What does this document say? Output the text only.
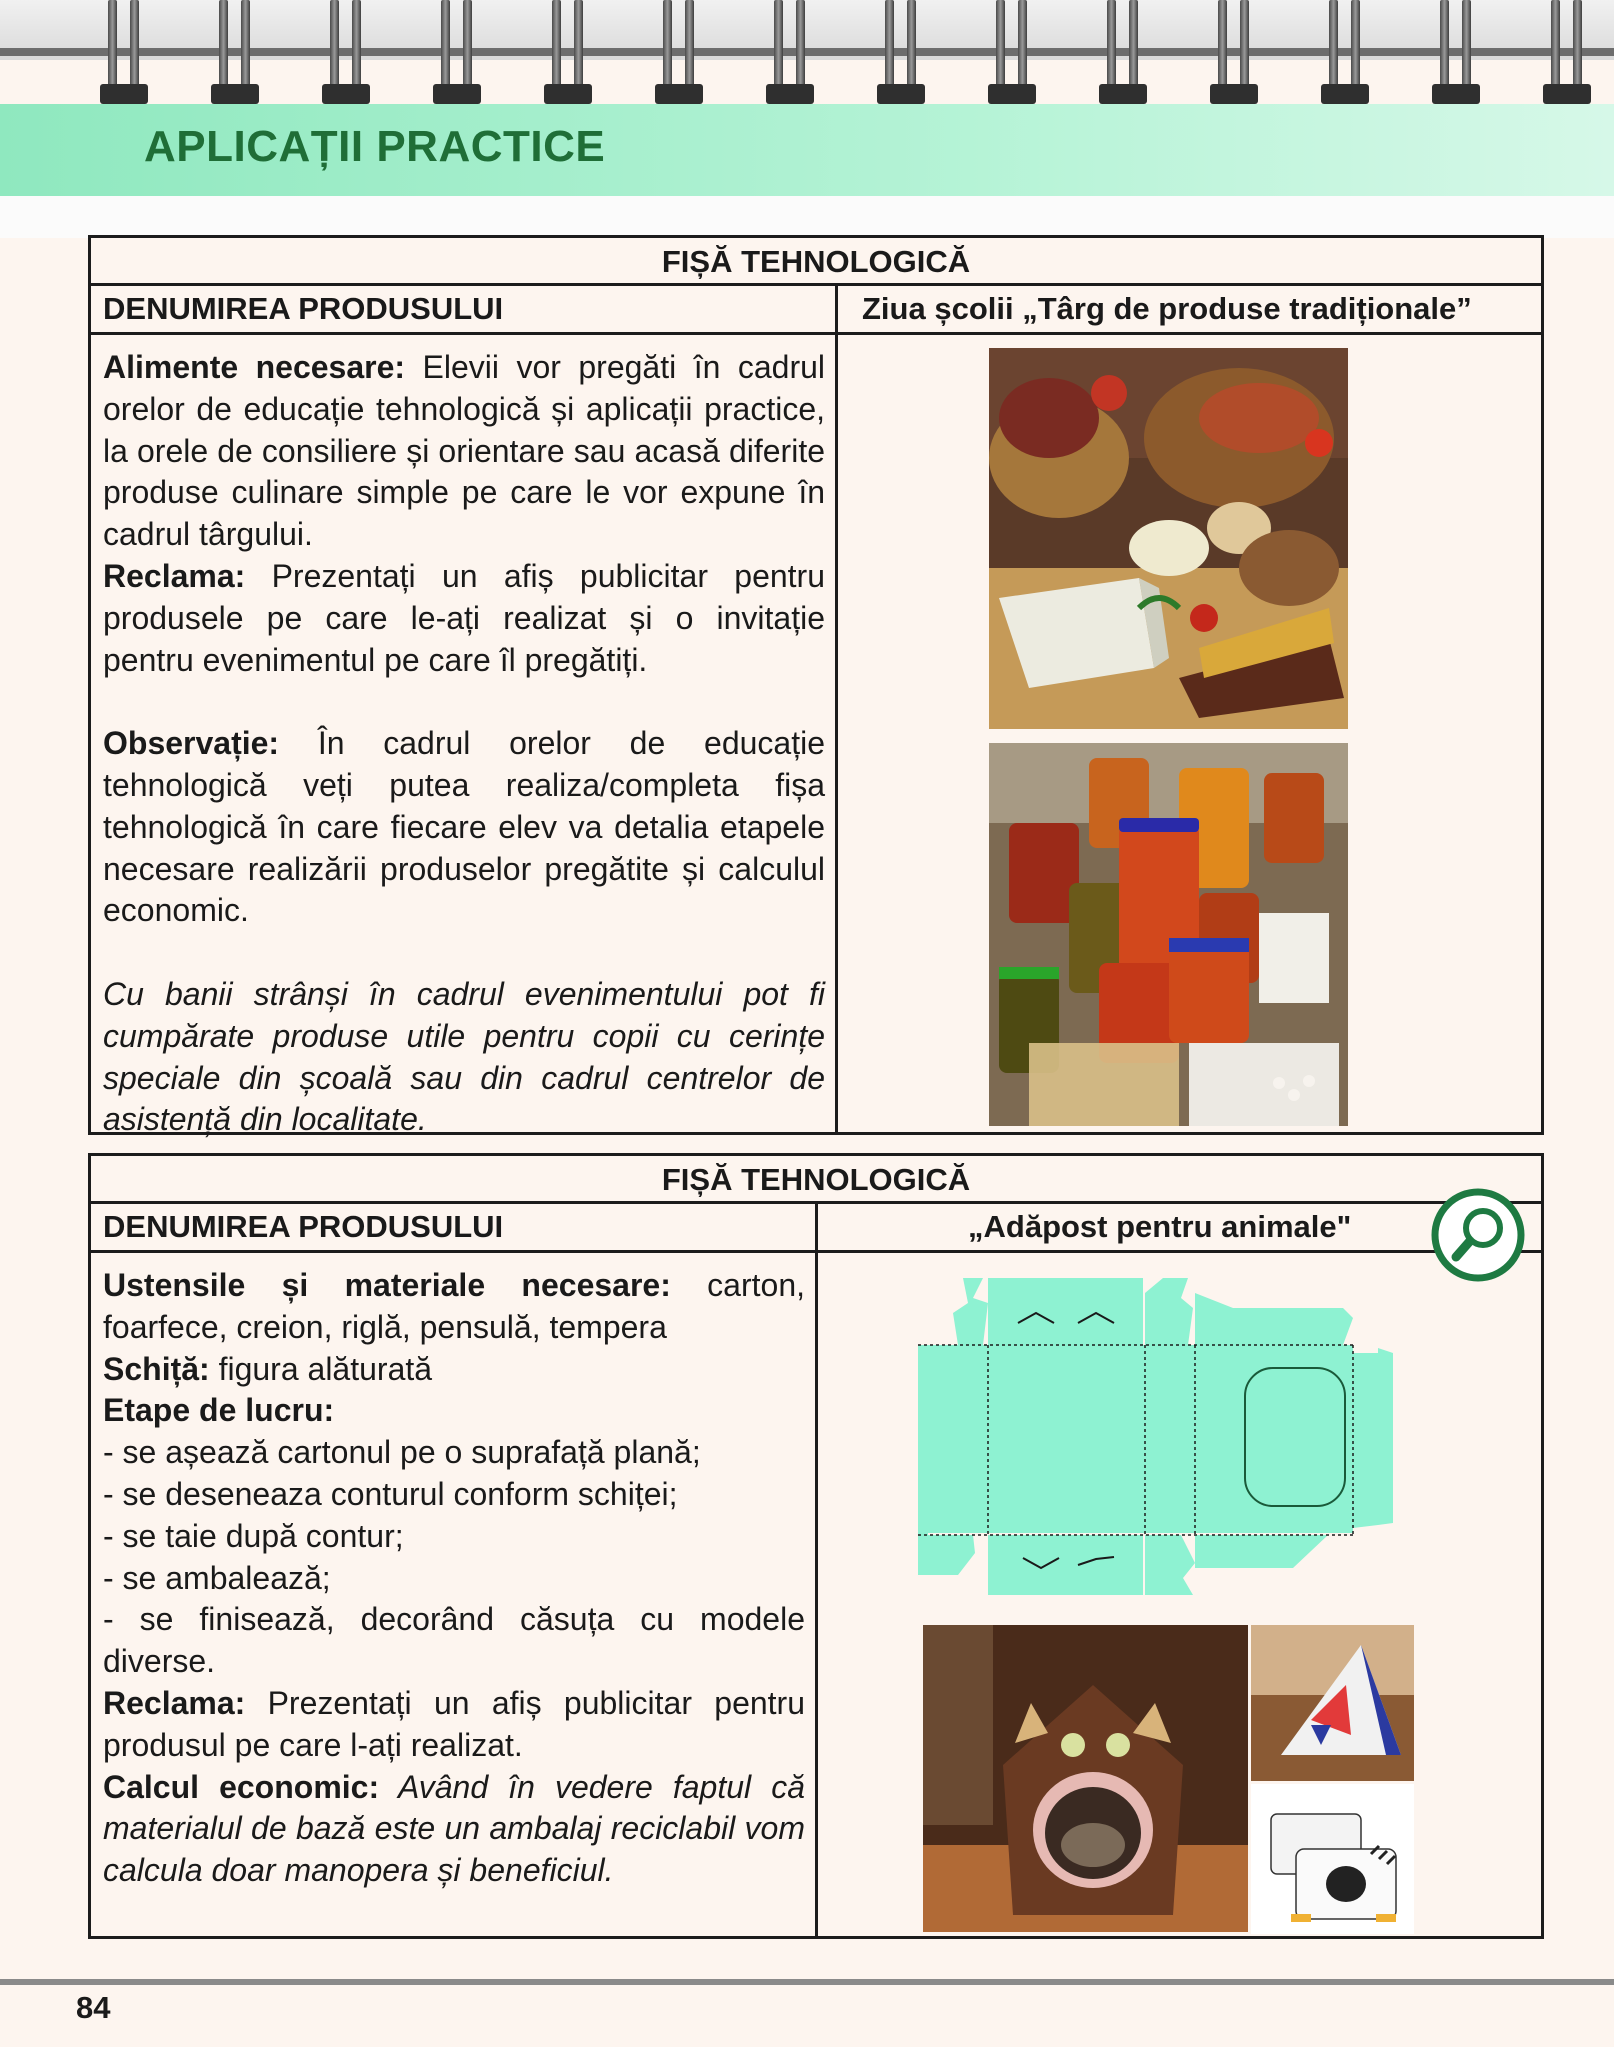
APLICAȚII PRACTICE
FIȘĂ TEHNOLOGICĂ
DENUMIREA PRODUSULUI	Ziua școlii „Târg de produse tradiționale”

Alimente necesare: Elevii vor pregăti în cadrul orelor de educație tehnologică și aplicații practice, la orele de consiliere și orientare sau acasă diferite produse culinare simple pe care le vor expune în cadrul târgului.

Reclama: Prezentați un afiș publicitar pentru produsele pe care le-ați realizat și o invitație pentru evenimentul pe care îl pregătiți.

Observație: În cadrul orelor de educație tehnologică veți putea realiza/completa fișa tehnologică în care fiecare elev va detalia etapele necesare realizării produselor pregătite și calculul economic.

Cu banii strânși în cadrul evenimentului pot fi cumpărate produse utile pentru copii cu cerințe speciale din școală sau din cadrul centrelor de asistență din localitate.

FIȘĂ TEHNOLOGICĂ
DENUMIREA PRODUSULUI	„Adăpost pentru animale"

Ustensile și materiale necesare: carton, foarfece, creion, riglă, pensulă, tempera

Schiță: figura alăturată

Etape de lucru:

- se așează cartonul pe o suprafață plană;

- se deseneaza conturul conform schiței;

- se taie după contur;

- se ambalează;

- se finisează, decorând căsuța cu modele diverse.

Reclama: Prezentați un afiș publicitar pentru produsul pe care l-ați realizat.

Calcul economic: Având în vedere faptul că materialul de bază este un ambalaj reciclabil vom calcula doar manopera și beneficiul.

84
